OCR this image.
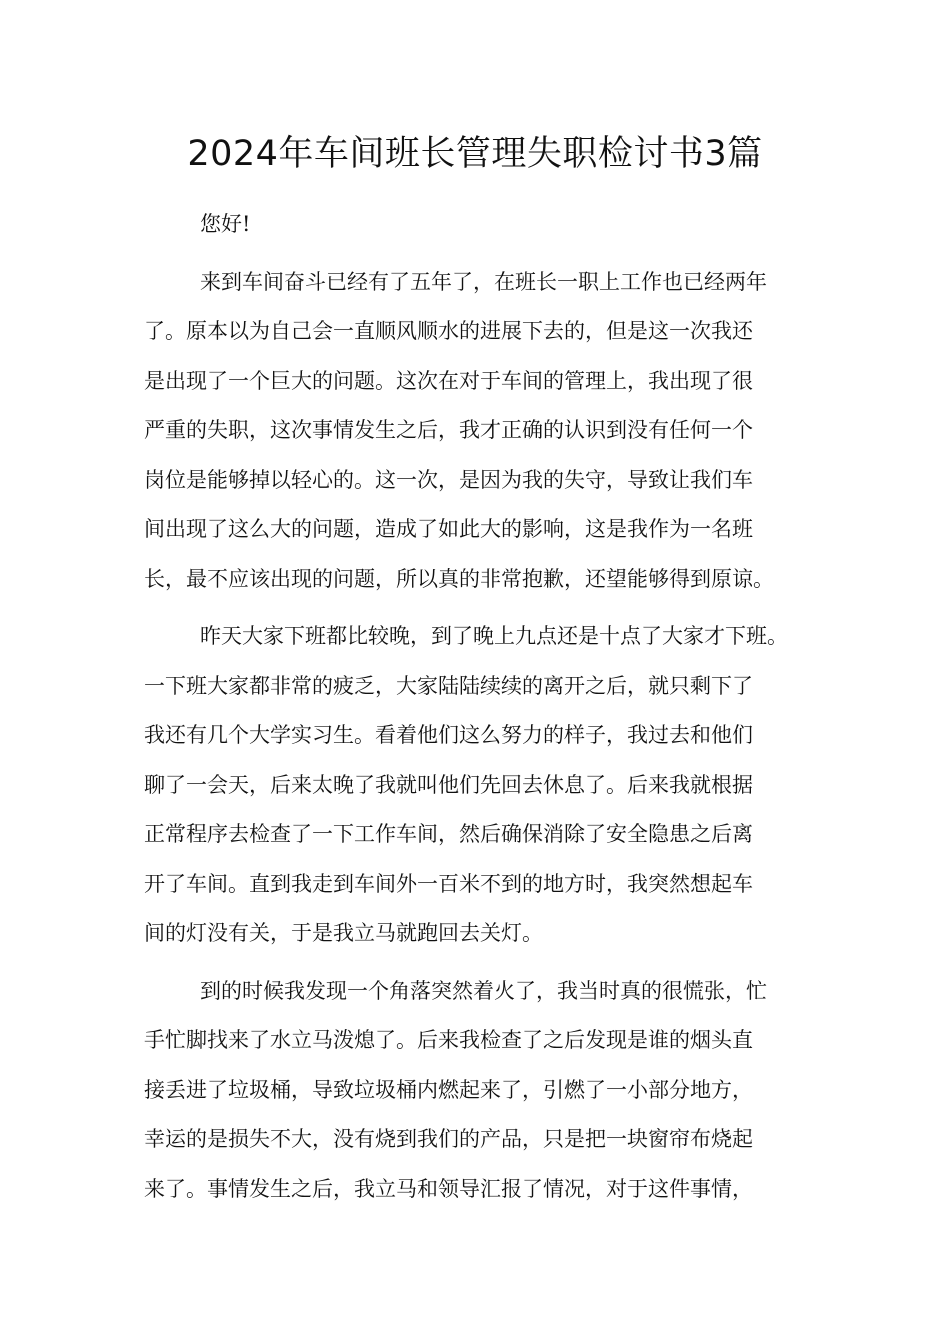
2024年车间班长管理失职检讨书3篇
您好!
来到车间奋斗已经有了五年了，在班长一职上工作也已经两年
了。原本以为自己会一直顺风顺水的进展下去的，但是这一次我还
是出现了一个巨大的问题。这次在对于车间的管理上，我出现了很
严重的失职，这次事情发生之后，我才正确的认识到没有任何一个
岗位是能够掉以轻心的。这一次，是因为我的失守，导致让我们车
间出现了这么大的问题，造成了如此大的影响，这是我作为一名班
长，最不应该出现的问题，所以真的非常抱歉，还望能够得到原谅。
昨天大家下班都比较晚，到了晚上九点还是十点了大家才下班。
一下班大家都非常的疲乏，大家陆陆续续的离开之后，就只剩下了
我还有几个大学实习生。看着他们这么努力的样子，我过去和他们
聊了一会天，后来太晚了我就叫他们先回去休息了。后来我就根据
正常程序去检查了一下工作车间，然后确保消除了安全隐患之后离
开了车间。直到我走到车间外一百米不到的地方时，我突然想起车
间的灯没有关，于是我立马就跑回去关灯。
到的时候我发现一个角落突然着火了，我当时真的很慌张，忙
手忙脚找来了水立马泼熄了。后来我检查了之后发现是谁的烟头直
接丢进了垃圾桶，导致垃圾桶内燃起来了，引燃了一小部分地方，
幸运的是损失不大，没有烧到我们的产品，只是把一块窗帘布烧起
来了。事情发生之后，我立马和领导汇报了情况，对于这件事情，
